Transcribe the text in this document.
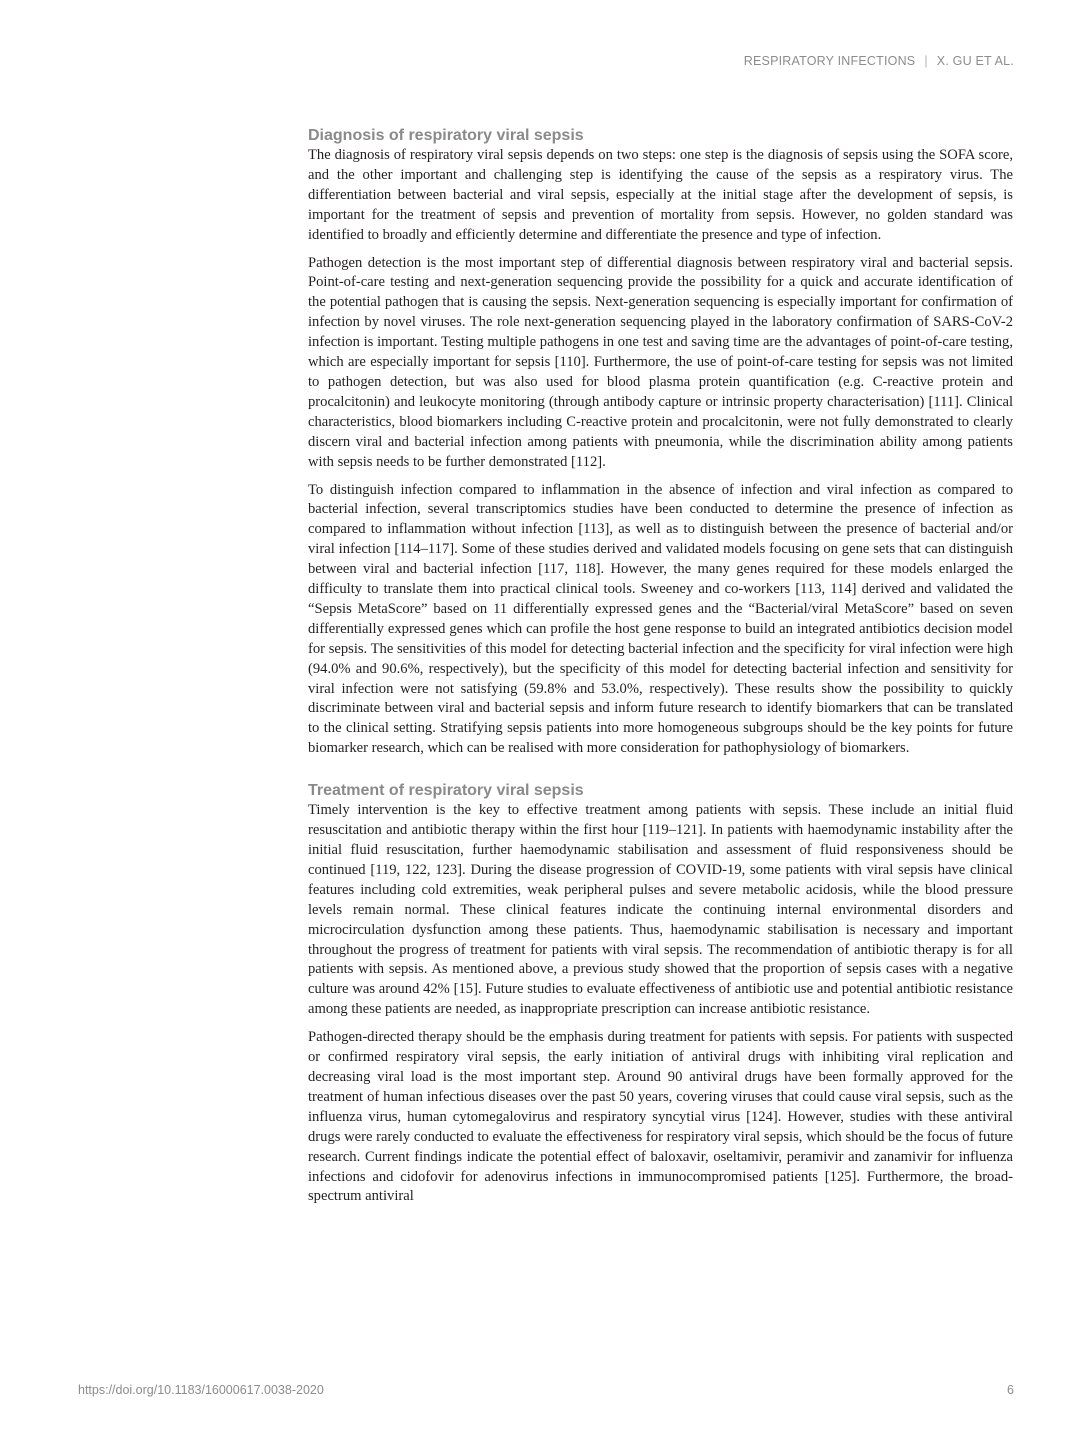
RESPIRATORY INFECTIONS | X. GU ET AL.
Diagnosis of respiratory viral sepsis

The diagnosis of respiratory viral sepsis depends on two steps: one step is the diagnosis of sepsis using the SOFA score, and the other important and challenging step is identifying the cause of the sepsis as a respiratory virus. The differentiation between bacterial and viral sepsis, especially at the initial stage after the development of sepsis, is important for the treatment of sepsis and prevention of mortality from sepsis. However, no golden standard was identified to broadly and efficiently determine and differentiate the presence and type of infection.

Pathogen detection is the most important step of differential diagnosis between respiratory viral and bacterial sepsis. Point-of-care testing and next-generation sequencing provide the possibility for a quick and accurate identification of the potential pathogen that is causing the sepsis. Next-generation sequencing is especially important for confirmation of infection by novel viruses. The role next-generation sequencing played in the laboratory confirmation of SARS-CoV-2 infection is important. Testing multiple pathogens in one test and saving time are the advantages of point-of-care testing, which are especially important for sepsis [110]. Furthermore, the use of point-of-care testing for sepsis was not limited to pathogen detection, but was also used for blood plasma protein quantification (e.g. C-reactive protein and procalcitonin) and leukocyte monitoring (through antibody capture or intrinsic property characterisation) [111]. Clinical characteristics, blood biomarkers including C-reactive protein and procalcitonin, were not fully demonstrated to clearly discern viral and bacterial infection among patients with pneumonia, while the discrimination ability among patients with sepsis needs to be further demonstrated [112].

To distinguish infection compared to inflammation in the absence of infection and viral infection as compared to bacterial infection, several transcriptomics studies have been conducted to determine the presence of infection as compared to inflammation without infection [113], as well as to distinguish between the presence of bacterial and/or viral infection [114–117]. Some of these studies derived and validated models focusing on gene sets that can distinguish between viral and bacterial infection [117, 118]. However, the many genes required for these models enlarged the difficulty to translate them into practical clinical tools. Sweeney and co-workers [113, 114] derived and validated the “Sepsis MetaScore” based on 11 differentially expressed genes and the “Bacterial/viral MetaScore” based on seven differentially expressed genes which can profile the host gene response to build an integrated antibiotics decision model for sepsis. The sensitivities of this model for detecting bacterial infection and the specificity for viral infection were high (94.0% and 90.6%, respectively), but the specificity of this model for detecting bacterial infection and sensitivity for viral infection were not satisfying (59.8% and 53.0%, respectively). These results show the possibility to quickly discriminate between viral and bacterial sepsis and inform future research to identify biomarkers that can be translated to the clinical setting. Stratifying sepsis patients into more homogeneous subgroups should be the key points for future biomarker research, which can be realised with more consideration for pathophysiology of biomarkers.

Treatment of respiratory viral sepsis

Timely intervention is the key to effective treatment among patients with sepsis. These include an initial fluid resuscitation and antibiotic therapy within the first hour [119–121]. In patients with haemodynamic instability after the initial fluid resuscitation, further haemodynamic stabilisation and assessment of fluid responsiveness should be continued [119, 122, 123]. During the disease progression of COVID-19, some patients with viral sepsis have clinical features including cold extremities, weak peripheral pulses and severe metabolic acidosis, while the blood pressure levels remain normal. These clinical features indicate the continuing internal environmental disorders and microcirculation dysfunction among these patients. Thus, haemodynamic stabilisation is necessary and important throughout the progress of treatment for patients with viral sepsis. The recommendation of antibiotic therapy is for all patients with sepsis. As mentioned above, a previous study showed that the proportion of sepsis cases with a negative culture was around 42% [15]. Future studies to evaluate effectiveness of antibiotic use and potential antibiotic resistance among these patients are needed, as inappropriate prescription can increase antibiotic resistance.

Pathogen-directed therapy should be the emphasis during treatment for patients with sepsis. For patients with suspected or confirmed respiratory viral sepsis, the early initiation of antiviral drugs with inhibiting viral replication and decreasing viral load is the most important step. Around 90 antiviral drugs have been formally approved for the treatment of human infectious diseases over the past 50 years, covering viruses that could cause viral sepsis, such as the influenza virus, human cytomegalovirus and respiratory syncytial virus [124]. However, studies with these antiviral drugs were rarely conducted to evaluate the effectiveness for respiratory viral sepsis, which should be the focus of future research. Current findings indicate the potential effect of baloxavir, oseltamivir, peramivir and zanamivir for influenza infections and cidofovir for adenovirus infections in immunocompromised patients [125]. Furthermore, the broad-spectrum antiviral

https://doi.org/10.1183/16000617.0038-2020	6
